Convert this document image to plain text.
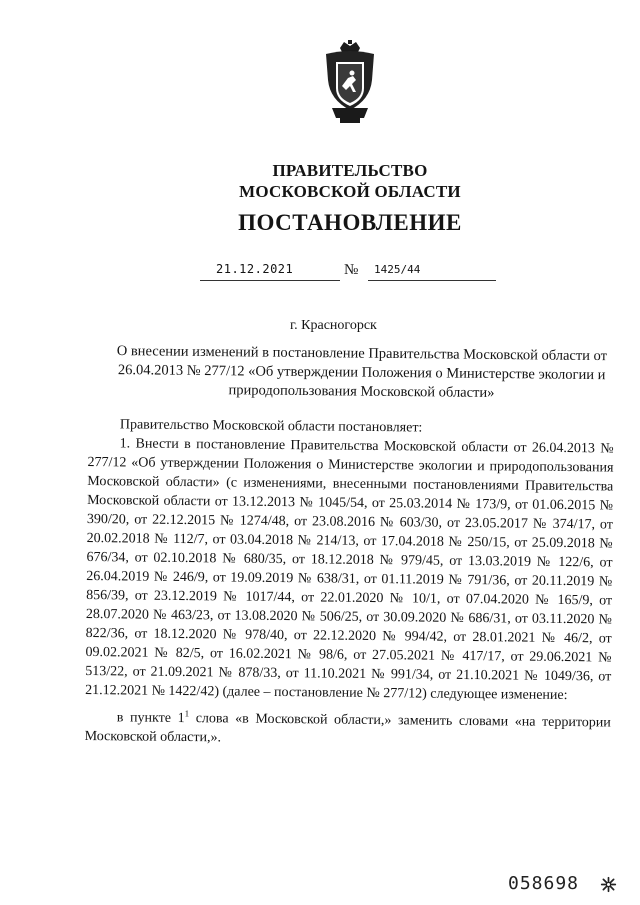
ПРАВИТЕЛЬСТВО
МОСКОВСКОЙ ОБЛАСТИ
ПОСТАНОВЛЕНИЕ
21.12.2021	№ 1425/44
г. Красногорск
О внесении изменений в постановление Правительства Московской области от 26.04.2013 № 277/12 «Об утверждении Положения о Министерстве экологии и природопользования Московской области»

Правительство Московской области постановляет:

1. Внести в постановление Правительства Московской области от 26.04.2013 № 277/12 «Об утверждении Положения о Министерстве экологии и природопользования Московской области» (с изменениями, внесенными постановлениями Правительства Московской области от 13.12.2013 № 1045/54, от 25.03.2014 № 173/9, от 01.06.2015 № 390/20, от 22.12.2015 № 1274/48, от 23.08.2016 № 603/30, от 23.05.2017 № 374/17, от 20.02.2018 № 112/7, от 03.04.2018 № 214/13, от 17.04.2018 № 250/15, от 25.09.2018 № 676/34, от 02.10.2018 № 680/35, от 18.12.2018 № 979/45, от 13.03.2019 № 122/6, от 26.04.2019 № 246/9, от 19.09.2019 № 638/31, от 01.11.2019 № 791/36, от 20.11.2019 № 856/39, от 23.12.2019 № 1017/44, от 22.01.2020 № 10/1, от 07.04.2020 № 165/9, от 28.07.2020 № 463/23, от 13.08.2020 № 506/25, от 30.09.2020 № 686/31, от 03.11.2020 № 822/36, от 18.12.2020 № 978/40, от 22.12.2020 № 994/42, от 28.01.2021 № 46/2, от 09.02.2021 № 82/5, от 16.02.2021 № 98/6, от 27.05.2021 № 417/17, от 29.06.2021 № 513/22, от 21.09.2021 № 878/33, от 11.10.2021 № 991/34, от 21.10.2021 № 1049/36, от 21.12.2021 № 1422/42) (далее – постановление № 277/12) следующее изменение:

в пункте $1^1$ слова «в Московской области,» заменить словами «на территории Московской области,».

058698
